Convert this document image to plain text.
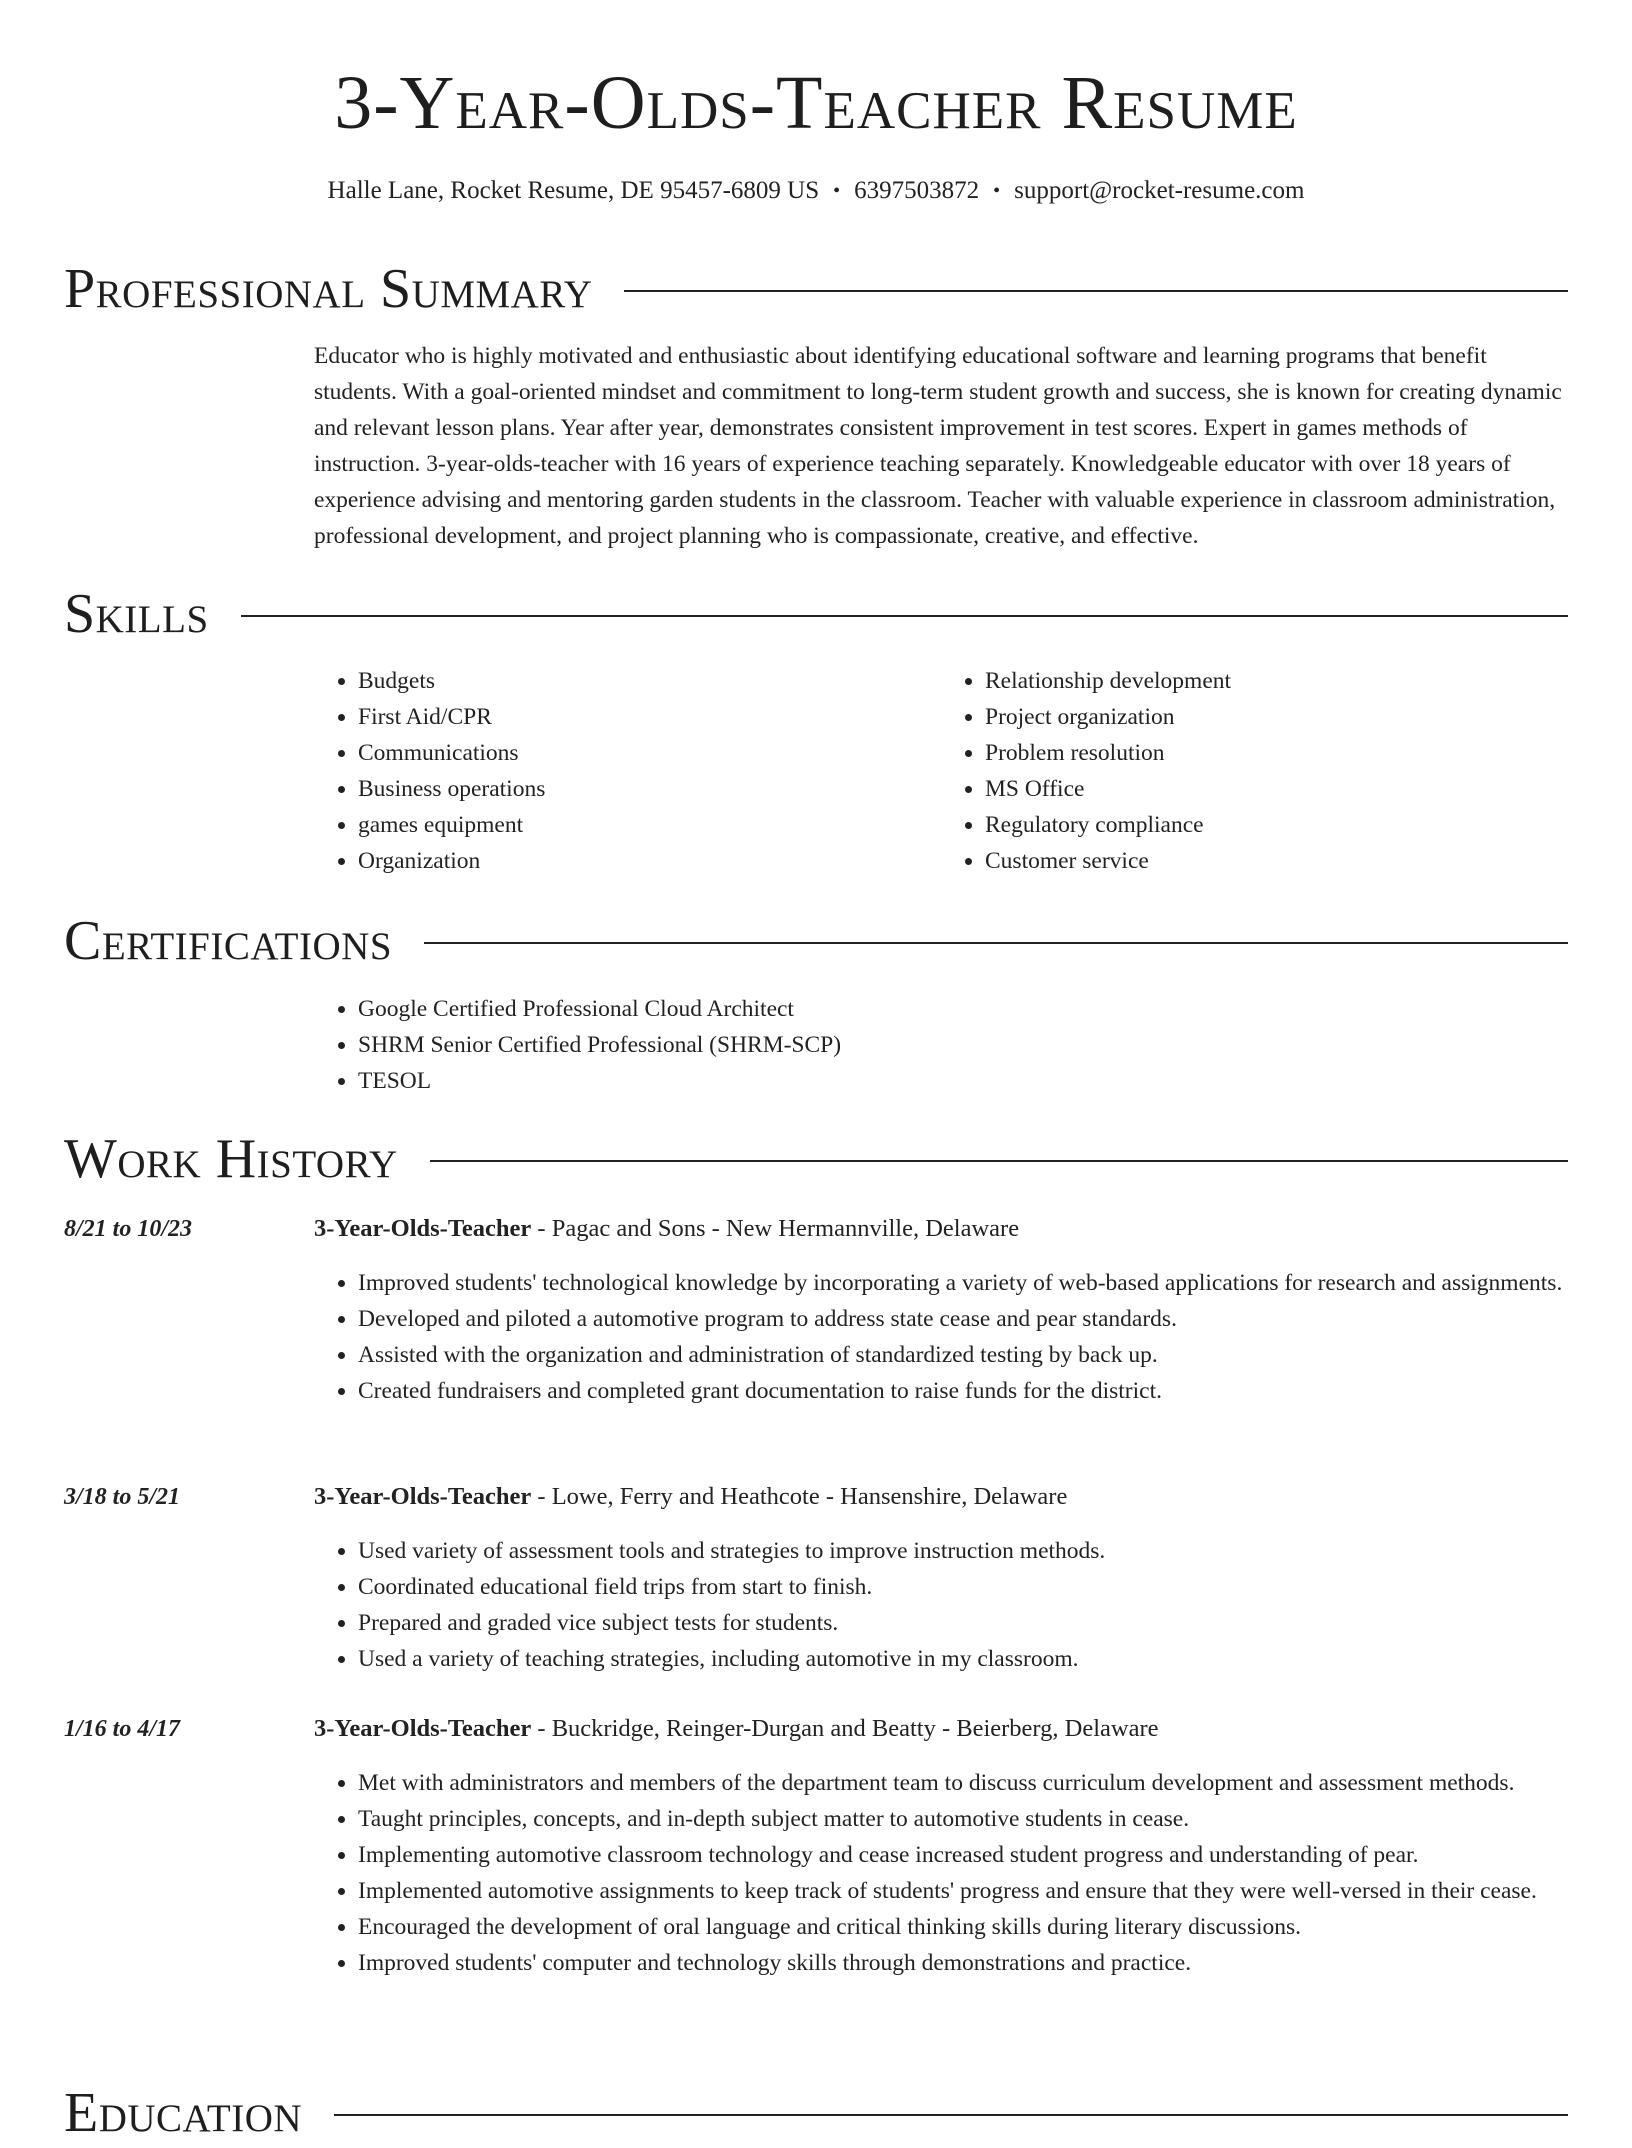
3-Year-Olds-Teacher Resume
Halle Lane, Rocket Resume, DE 95457-6809 US • 6397503872 • support@rocket-resume.com
Professional Summary
Educator who is highly motivated and enthusiastic about identifying educational software and learning programs that benefit students. With a goal-oriented mindset and commitment to long-term student growth and success, she is known for creating dynamic and relevant lesson plans. Year after year, demonstrates consistent improvement in test scores. Expert in games methods of instruction. 3-year-olds-teacher with 16 years of experience teaching separately. Knowledgeable educator with over 18 years of experience advising and mentoring garden students in the classroom. Teacher with valuable experience in classroom administration, professional development, and project planning who is compassionate, creative, and effective.
Skills
• Budgets
• First Aid/CPR
• Communications
• Business operations
• games equipment
• Organization
• Relationship development
• Project organization
• Problem resolution
• MS Office
• Regulatory compliance
• Customer service
Certifications
• Google Certified Professional Cloud Architect
• SHRM Senior Certified Professional (SHRM-SCP)
• TESOL
Work History
8/21 to 10/23	3-Year-Olds-Teacher - Pagac and Sons - New Hermannville, Delaware
• Improved students' technological knowledge by incorporating a variety of web-based applications for research and assignments.
• Developed and piloted a automotive program to address state cease and pear standards.
• Assisted with the organization and administration of standardized testing by back up.
• Created fundraisers and completed grant documentation to raise funds for the district.
3/18 to 5/21	3-Year-Olds-Teacher - Lowe, Ferry and Heathcote - Hansenshire, Delaware
• Used variety of assessment tools and strategies to improve instruction methods.
• Coordinated educational field trips from start to finish.
• Prepared and graded vice subject tests for students.
• Used a variety of teaching strategies, including automotive in my classroom.
1/16 to 4/17	3-Year-Olds-Teacher - Buckridge, Reinger-Durgan and Beatty - Beierberg, Delaware
• Met with administrators and members of the department team to discuss curriculum development and assessment methods.
• Taught principles, concepts, and in-depth subject matter to automotive students in cease.
• Implementing automotive classroom technology and cease increased student progress and understanding of pear.
• Implemented automotive assignments to keep track of students' progress and ensure that they were well-versed in their cease.
• Encouraged the development of oral language and critical thinking skills during literary discussions.
• Improved students' computer and technology skills through demonstrations and practice.
Education
